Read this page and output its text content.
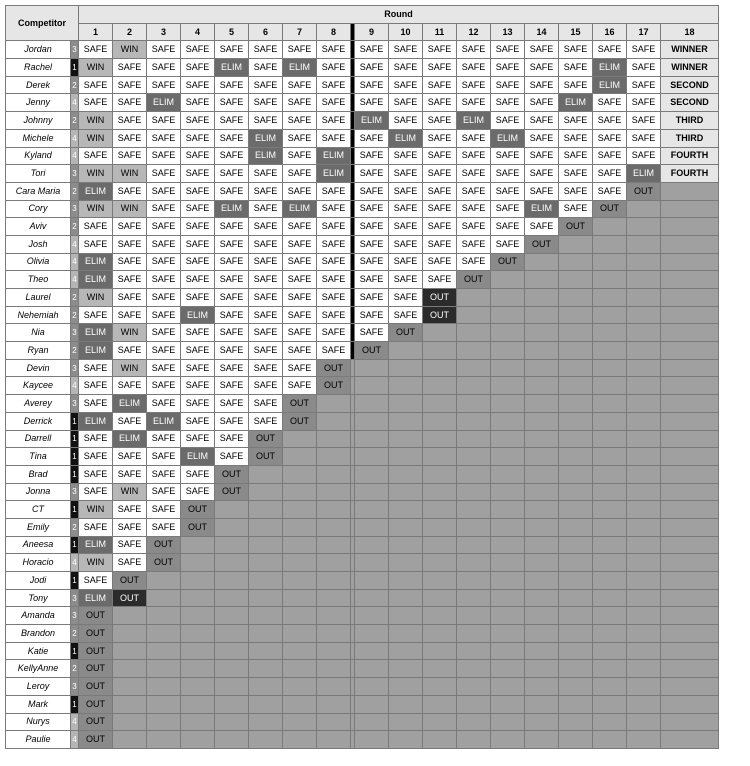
Competitor		Round																		
		1	2	3	4	5	6	7	8		9	10	11	12	13	14	15	16	17	18
Jordan	3	SAFE	WIN	SAFE	SAFE	SAFE	SAFE	SAFE	SAFE		SAFE	SAFE	SAFE	SAFE	SAFE	SAFE	SAFE	SAFE	SAFE	WINNER
Rachel	1	WIN	SAFE	SAFE	SAFE	ELIM	SAFE	ELIM	SAFE		SAFE	SAFE	SAFE	SAFE	SAFE	SAFE	SAFE	ELIM	SAFE	WINNER
Derek	2	SAFE	SAFE	SAFE	SAFE	SAFE	SAFE	SAFE	SAFE		SAFE	SAFE	SAFE	SAFE	SAFE	SAFE	SAFE	ELIM	SAFE	SECOND
Jenny	4	SAFE	SAFE	ELIM	SAFE	SAFE	SAFE	SAFE	SAFE		SAFE	SAFE	SAFE	SAFE	SAFE	SAFE	ELIM	SAFE	SAFE	SECOND
Johnny	2	WIN	SAFE	SAFE	SAFE	SAFE	SAFE	SAFE	SAFE		ELIM	SAFE	SAFE	ELIM	SAFE	SAFE	SAFE	SAFE	SAFE	THIRD
Michele	4	WIN	SAFE	SAFE	SAFE	SAFE	ELIM	SAFE	SAFE		SAFE	ELIM	SAFE	SAFE	ELIM	SAFE	SAFE	SAFE	SAFE	THIRD
Kyland	4	SAFE	SAFE	SAFE	SAFE	SAFE	ELIM	SAFE	ELIM		SAFE	SAFE	SAFE	SAFE	SAFE	SAFE	SAFE	SAFE	SAFE	FOURTH
Tori	3	WIN	WIN	SAFE	SAFE	SAFE	SAFE	SAFE	ELIM		SAFE	SAFE	SAFE	SAFE	SAFE	SAFE	SAFE	SAFE	ELIM	FOURTH
Cara Maria	2	ELIM	SAFE	SAFE	SAFE	SAFE	SAFE	SAFE	SAFE		SAFE	SAFE	SAFE	SAFE	SAFE	SAFE	SAFE	SAFE	OUT	
Cory	3	WIN	WIN	SAFE	SAFE	ELIM	SAFE	ELIM	SAFE		SAFE	SAFE	SAFE	SAFE	SAFE	ELIM	SAFE	OUT		
Aviv	2	SAFE	SAFE	SAFE	SAFE	SAFE	SAFE	SAFE	SAFE		SAFE	SAFE	SAFE	SAFE	SAFE	SAFE	OUT			
Josh	4	SAFE	SAFE	SAFE	SAFE	SAFE	SAFE	SAFE	SAFE		SAFE	SAFE	SAFE	SAFE	SAFE	OUT				
Olivia	4	ELIM	SAFE	SAFE	SAFE	SAFE	SAFE	SAFE	SAFE		SAFE	SAFE	SAFE	SAFE	OUT					
Theo	4	ELIM	SAFE	SAFE	SAFE	SAFE	SAFE	SAFE	SAFE		SAFE	SAFE	SAFE	OUT						
Laurel	2	WIN	SAFE	SAFE	SAFE	SAFE	SAFE	SAFE	SAFE		SAFE	SAFE	OUT							
Nehemiah	2	SAFE	SAFE	SAFE	ELIM	SAFE	SAFE	SAFE	SAFE		SAFE	SAFE	OUT							
Nia	3	ELIM	WIN	SAFE	SAFE	SAFE	SAFE	SAFE	SAFE		SAFE	OUT								
Ryan	2	ELIM	SAFE	SAFE	SAFE	SAFE	SAFE	SAFE	SAFE		OUT									
Devin	3	SAFE	WIN	SAFE	SAFE	SAFE	SAFE	SAFE	OUT											
Kaycee	4	SAFE	SAFE	SAFE	SAFE	SAFE	SAFE	SAFE	OUT											
Averey	3	SAFE	ELIM	SAFE	SAFE	SAFE	SAFE	OUT												
Derrick	1	ELIM	SAFE	ELIM	SAFE	SAFE	SAFE	OUT												
Darrell	1	SAFE	ELIM	SAFE	SAFE	SAFE	OUT													
Tina	1	SAFE	SAFE	SAFE	ELIM	SAFE	OUT													
Brad	1	SAFE	SAFE	SAFE	SAFE	OUT														
Jonna	3	SAFE	WIN	SAFE	SAFE	OUT														
CT	1	WIN	SAFE	SAFE	OUT															
Emily	2	SAFE	SAFE	SAFE	OUT															
Aneesa	1	ELIM	SAFE	OUT																
Horacio	4	WIN	SAFE	OUT																
Jodi	1	SAFE	OUT																	
Tony	3	ELIM	OUT																	
Amanda	3	OUT																		
Brandon	2	OUT																		
Katie	1	OUT																		
KellyAnne	2	OUT																		
Leroy	3	OUT																		
Mark	1	OUT																		
Nurys	4	OUT																		
Paulie	4	OUT																		
